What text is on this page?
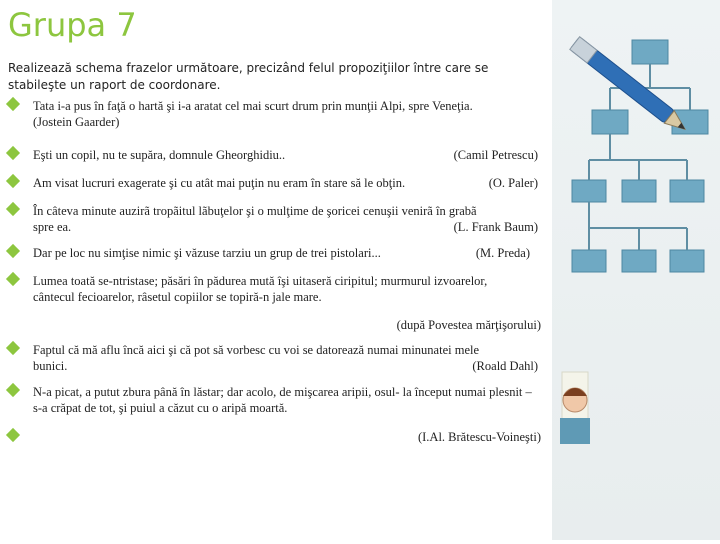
Grupa 7

Realizează schema frazelor următoare, precizând felul propoziţiilor între care se stabileşte un raport de coordonare.

Tata i-a pus în faţă o hartă şi i-a aratat cel mai scurt drum prin munţii Alpi, spre Veneţia.
(Jostein Gaarder)
Eşti un copil, nu te supăra, domnule Gheorghidiu..	(Camil Petrescu)
Am visat lucruri exagerate şi cu atât mai puţin nu eram în stare să le obţin.	(O. Paler)
În câteva minute auzirã tropãitul lãbuţelor şi o mulţime de şoricei cenuşii venirã în grabã
spre ea.	(L. Frank Baum)
Dar pe loc nu simţise nimic şi văzuse tarziu un grup de trei pistolari...	(M. Preda)
Lumea toată se-ntristase; păsări în pădurea mută îşi uitaseră ciripitul; murmurul izvoarelor, cântecul fecioarelor, râsetul copiilor se topiră-n jale mare.
(după Povestea mărţişorului)
Faptul că mă aflu încă aici şi că pot să vorbesc cu voi se datorează numai minunatei mele
bunici.	(Roald Dahl)
N-a picat, a putut zbura până în lăstar; dar acolo, de mişcarea aripii, osul- la început numai plesnit – s-a crăpat de tot, şi puiul a căzut cu o aripă moartă.
(I.Al. Brătescu-Voineşti)
